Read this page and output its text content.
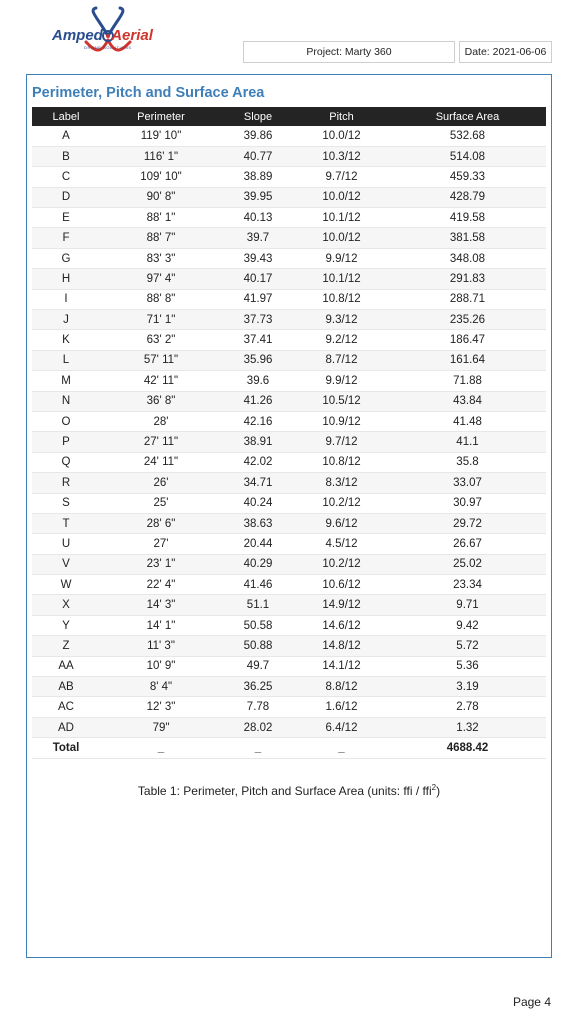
Amped Aerial
DRONE SOLUTIONS	Project: Marty 360	Date: 2021-06-06
Perimeter, Pitch and Surface Area
Label	Perimeter	Slope	Pitch	Surface Area
A	119' 10"	39.86	10.0/12	532.68
B	116' 1"	40.77	10.3/12	514.08
C	109' 10"	38.89	9.7/12	459.33
D	90' 8"	39.95	10.0/12	428.79
E	88' 1"	40.13	10.1/12	419.58
F	88' 7"	39.7	10.0/12	381.58
G	83' 3"	39.43	9.9/12	348.08
H	97' 4"	40.17	10.1/12	291.83
I	88' 8"	41.97	10.8/12	288.71
J	71' 1"	37.73	9.3/12	235.26
K	63' 2"	37.41	9.2/12	186.47
L	57' 11"	35.96	8.7/12	161.64
M	42' 11"	39.6	9.9/12	71.88
N	36' 8"	41.26	10.5/12	43.84
O	28'	42.16	10.9/12	41.48
P	27' 11"	38.91	9.7/12	41.1
Q	24' 11"	42.02	10.8/12	35.8
R	26'	34.71	8.3/12	33.07
S	25'	40.24	10.2/12	30.97
T	28' 6"	38.63	9.6/12	29.72
U	27'	20.44	4.5/12	26.67
V	23' 1"	40.29	10.2/12	25.02
W	22' 4"	41.46	10.6/12	23.34
X	14' 3"	51.1	14.9/12	9.71
Y	14' 1"	50.58	14.6/12	9.42
Z	11' 3"	50.88	14.8/12	5.72
AA	10' 9"	49.7	14.1/12	5.36
AB	8' 4"	36.25	8.8/12	3.19
AC	12' 3"	7.78	1.6/12	2.78
AD	79"	28.02	6.4/12	1.32
Total	_	_	_	4688.42
Table 1: Perimeter, Pitch and Surface Area (units: ffi / ffi$^2$)
Page 4
